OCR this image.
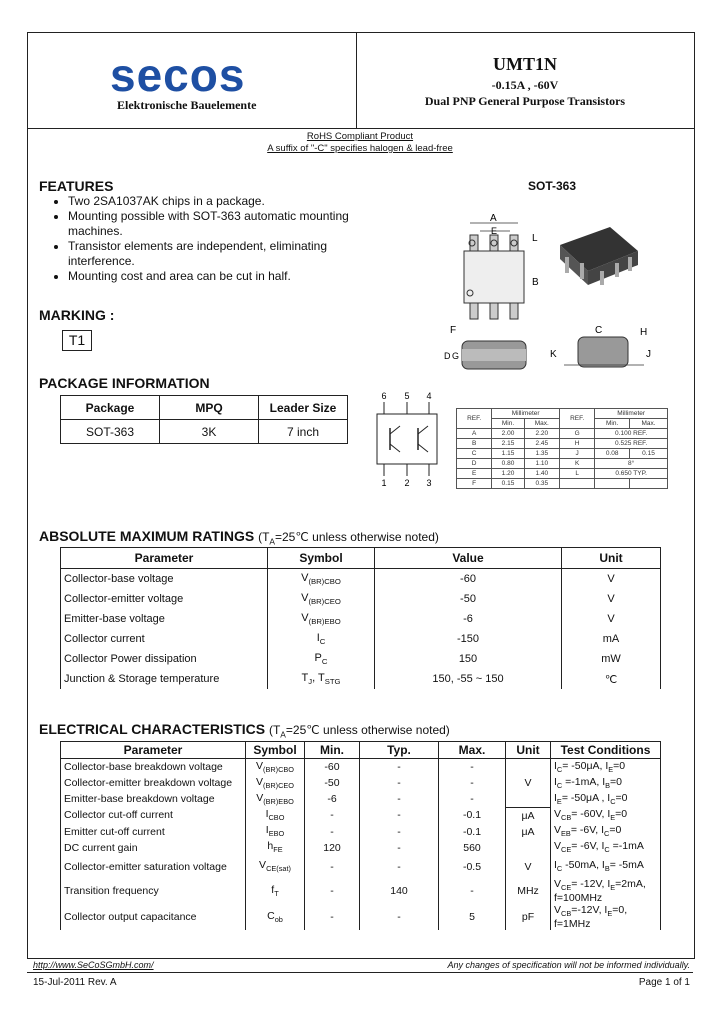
secos
Elektronische Bauelemente
UMT1N
-0.15A , -60V
Dual PNP General Purpose Transistors
RoHS Compliant Product
A suffix of "-C" specifies halogen & lead-free
FEATURES
• Two 2SA1037AK chips in a package.
• Mounting possible with SOT-363 automatic mounting machines.
• Transistor elements are independent, eliminating interference.
• Mounting cost and area can be cut in half.
SOT-363
A
E
B
L
F
D G
C
K	J
H
MARKING :
T1
PACKAGE INFORMATION
Package	MPQ	Leader Size
SOT-363	3K	7 inch
6 5 4
1 2 3
REF.	Millimeter		REF.	Millimeter	
	Min.	Max.		Min.	Max.
A	2.00	2.20	G	0.100 REF.	
B	2.15	2.45	H	0.525 REF.	
C	1.15	1.35	J	0.08	0.15
D	0.80	1.10	K	8°	
E	1.20	1.40	L	0.650 TYP.	
F	0.15	0.35			
ABSOLUTE MAXIMUM RATINGS ($T_A=25℃$ unless otherwise noted)
Parameter	Symbol	Value	Unit
Collector-base voltage	$V_{(BR)CBO}$	-60	V
Collector-emitter voltage	$V_{(BR)CEO}$	-50	V
Emitter-base voltage	$V_{(BR)EBO}$	-6	V
Collector current	$I_C$	-150	mA
Collector Power dissipation	$P_C$	150	mW
Junction & Storage temperature	$T_J$, $T_{STG}$	150, -55 ~ 150	℃
ELECTRICAL CHARACTERISTICS ($T_A=25℃$ unless otherwise noted)
Parameter	Symbol	Min.	Typ.	Max.	Unit	Test Conditions
Collector-base breakdown voltage	$V_{(BR)CBO}$	-60	-	-	V	$I_C= -50\mu A$, $I_E=0$
Collector-emitter breakdown voltage	$V_{(BR)CEO}$	-50	-	-		$I_C =-1mA$, $I_B=0$
Emitter-base breakdown voltage	$V_{(BR)EBO}$	-6	-	-		$I_E= -50\mu A$ , $I_C=0$
Collector cut-off current	$I_{CBO}$	-	-	-0.1	μA	$V_{CB}= -60V$, $I_E=0$
Emitter cut-off current	$I_{EBO}$	-	-	-0.1	μA	$V_{EB}= -6V$, $I_C=0$
DC current gain	$h_{FE}$	120	-	560		$V_{CE}= -6V$, $I_C =-1mA$
Collector-emitter saturation voltage	$V_{CE(sat)}$	-	-	-0.5	V	$I_C$ -50mA, $I_B= -5mA$
Transition frequency	$f_T$	-	140	-	MHz	$V_{CE}= -12V$, $I_E=2mA$,
f=100MHz
Collector output capacitance	$C_{ob}$	-	-	5	pF	$V_{CB}=-12V$, $I_E=0$, f=1MHz
http://www.SeCoSGmbH.com/	Any changes of specification will not be informed individually.
15-Jul-2011 Rev. A	Page 1 of 1
